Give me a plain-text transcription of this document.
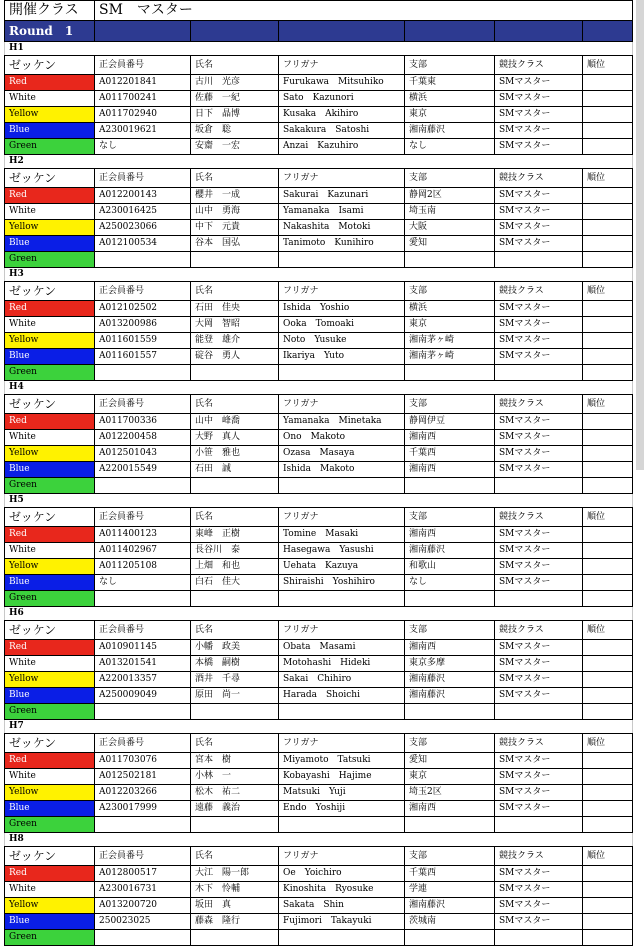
開催クラス	SM　マスター					
Round　1						
H1						
ゼッケン	正会員番号	氏名	フリガナ	支部	競技クラス	順位
Red	A012201841	古川　光彦	Furukawa　Mitsuhiko	千葉東	SMマスター	
White	A011700241	佐藤　一紀	Sato　Kazunori	横浜	SMマスター	
Yellow	A011702940	日下　晶博	Kusaka　Akihiro	東京	SMマスター	
Blue	A230019621	坂倉　聡	Sakakura　Satoshi	湘南藤沢	SMマスター	
Green	なし	安齋　一宏	Anzai　Kazuhiro	なし	SMマスター	
H2						
ゼッケン	正会員番号	氏名	フリガナ	支部	競技クラス	順位
Red	A012200143	櫻井　一成	Sakurai　Kazunari	静岡2区	SMマスター	
White	A230016425	山中　勇海	Yamanaka　Isami	埼玉南	SMマスター	
Yellow	A250023066	中下　元貴	Nakashita　Motoki	大阪	SMマスター	
Blue	A012100534	谷本　国弘	Tanimoto　Kunihiro	愛知	SMマスター	
Green						
H3						
ゼッケン	正会員番号	氏名	フリガナ	支部	競技クラス	順位
Red	A012102502	石田　佳央	Ishida　Yoshio	横浜	SMマスター	
White	A013200986	大岡　智昭	Ooka　Tomoaki	東京	SMマスター	
Yellow	A011601559	能登　雄介	Noto　Yusuke	湘南茅ヶ崎	SMマスター	
Blue	A011601557	碇谷　勇人	Ikariya　Yuto	湘南茅ヶ崎	SMマスター	
Green						
H4						
ゼッケン	正会員番号	氏名	フリガナ	支部	競技クラス	順位
Red	A011700336	山中　峰喬	Yamanaka　Minetaka	静岡伊豆	SMマスター	
White	A012200458	大野　真人	Ono　Makoto	湘南西	SMマスター	
Yellow	A012501043	小笹　雅也	Ozasa　Masaya	千葉西	SMマスター	
Blue	A220015549	石田　誠	Ishida　Makoto	湘南西	SMマスター	
Green						
H5						
ゼッケン	正会員番号	氏名	フリガナ	支部	競技クラス	順位
Red	A011400123	東峰　正樹	Tomine　Masaki	湘南西	SMマスター	
White	A011402967	長谷川　泰	Hasegawa　Yasushi	湘南藤沢	SMマスター	
Yellow	A011205108	上畑　和也	Uehata　Kazuya	和歌山	SMマスター	
Blue	なし	白石　佳大	Shiraishi　Yoshihiro	なし	SMマスター	
Green						
H6						
ゼッケン	正会員番号	氏名	フリガナ	支部	競技クラス	順位
Red	A010901145	小幡　政美	Obata　Masami	湘南西	SMマスター	
White	A013201541	本橋　嗣樹	Motohashi　Hideki	東京多摩	SMマスター	
Yellow	A220013357	酒井　千尋	Sakai　Chihiro	湘南藤沢	SMマスター	
Blue	A250009049	原田　尚一	Harada　Shoichi	湘南藤沢	SMマスター	
Green						
H7						
ゼッケン	正会員番号	氏名	フリガナ	支部	競技クラス	順位
Red	A011703076	宮本　樹	Miyamoto　Tatsuki	愛知	SMマスター	
White	A012502181	小林　一	Kobayashi　Hajime	東京	SMマスター	
Yellow	A012203266	松木　祐二	Matsuki　Yuji	埼玉2区	SMマスター	
Blue	A230017999	遠藤　義治	Endo　Yoshiji	湘南西	SMマスター	
Green						
H8						
ゼッケン	正会員番号	氏名	フリガナ	支部	競技クラス	順位
Red	A012800517	大江　陽一郎	Oe　Yoichiro	千葉西	SMマスター	
White	A230016731	木下　怜輔	Kinoshita　Ryosuke	学連	SMマスター	
Yellow	A013200720	坂田　真	Sakata　Shin	湘南藤沢	SMマスター	
Blue	250023025	藤森　隆行	Fujimori　Takayuki	茨城南	SMマスター	
Green						
